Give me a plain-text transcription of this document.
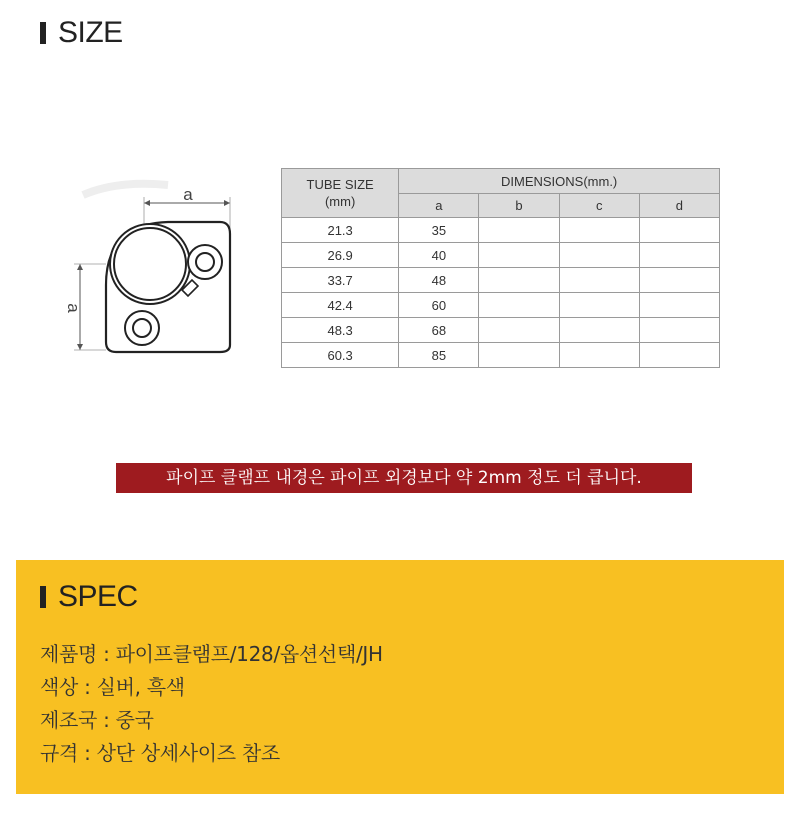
SIZE
a
a
TUBE SIZE
(mm)	DIMENSIONS(mm.)			
	a	b	c	d
21.3	35			
26.9	40			
33.7	48			
42.4	60			
48.3	68			
60.3	85			
파이프 클램프 내경은 파이프 외경보다 약 2mm 정도 더 큽니다.
SPEC
제품명 : 파이프클램프/128/옵션선택/JH
색상 : 실버, 흑색
제조국 : 중국
규격 : 상단 상세사이즈 참조
